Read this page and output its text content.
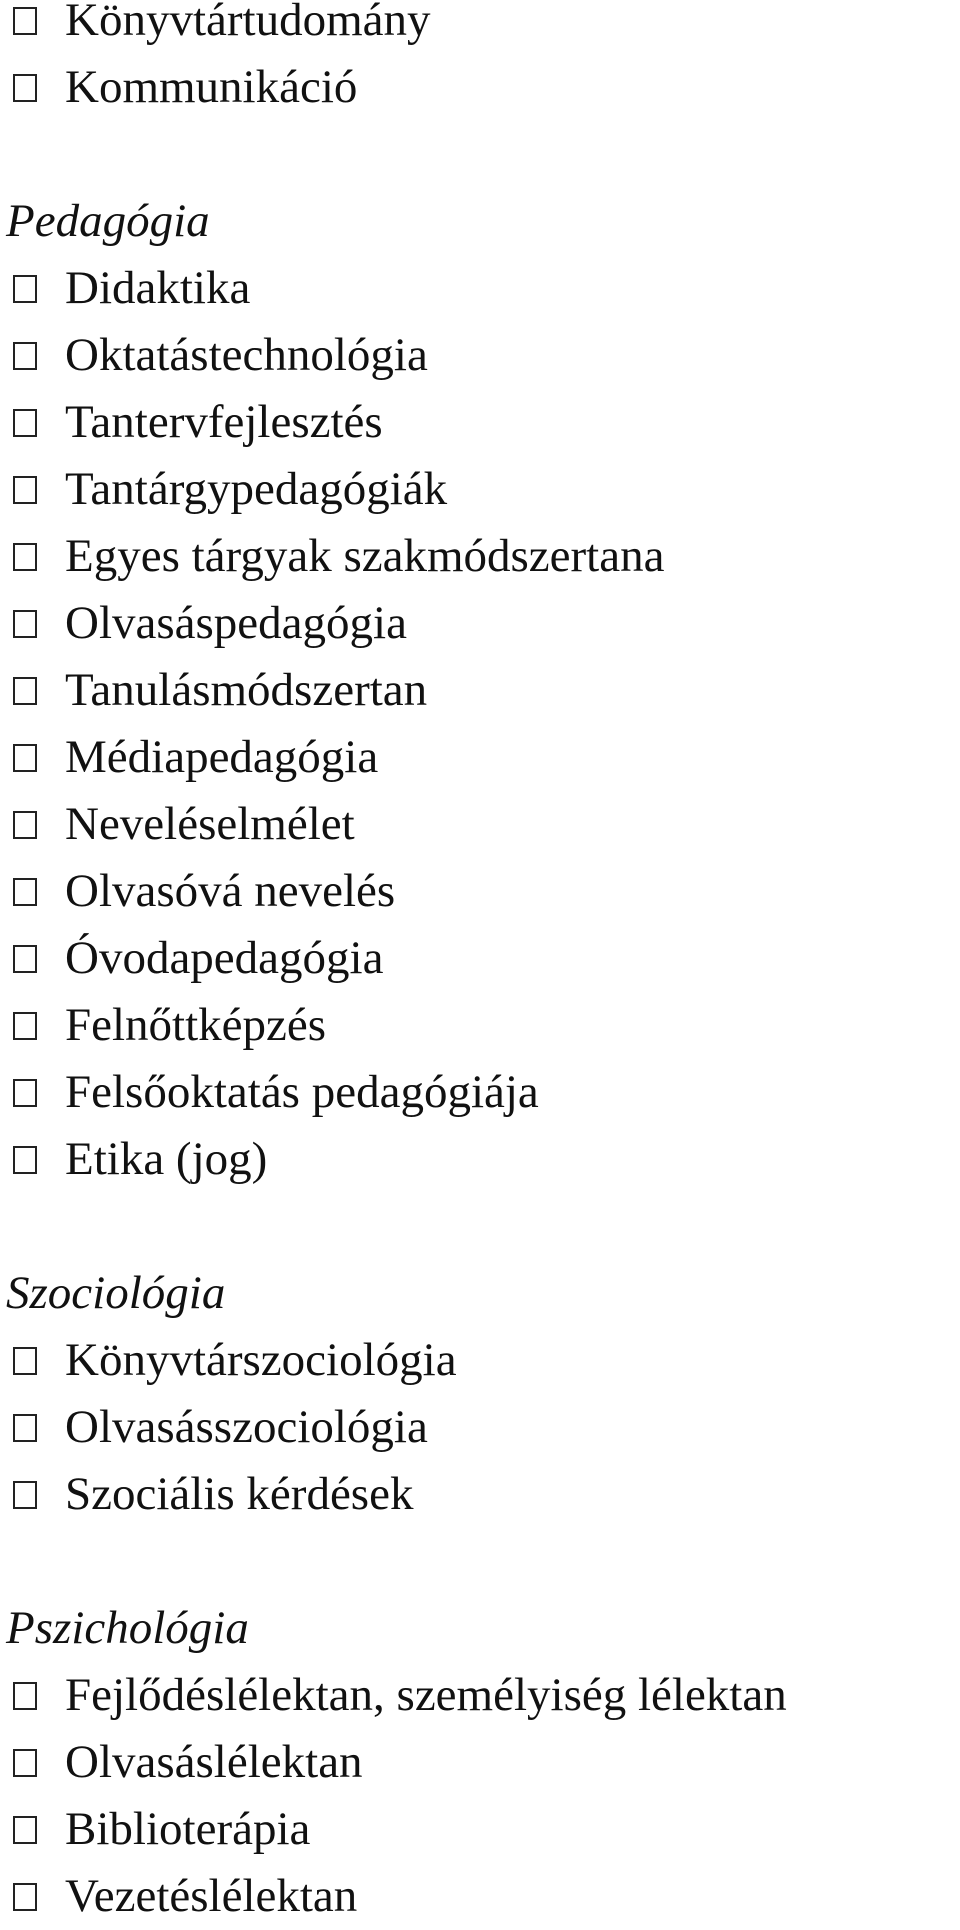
Könyvtártudomány
Kommunikáció
Pedagógia
Didaktika
Oktatástechnológia
Tantervfejlesztés
Tantárgypedagógiák
Egyes tárgyak szakmódszertana
Olvasáspedagógia
Tanulásmódszertan
Médiapedagógia
Neveléselmélet
Olvasóvá nevelés
Óvodapedagógia
Felnőttképzés
Felsőoktatás pedagógiája
Etika (jog)
Szociológia
Könyvtárszociológia
Olvasásszociológia
Szociális kérdések
Pszichológia
Fejlődéslélektan, személyiség lélektan
Olvasáslélektan
Biblioterápia
Vezetéslélektan
